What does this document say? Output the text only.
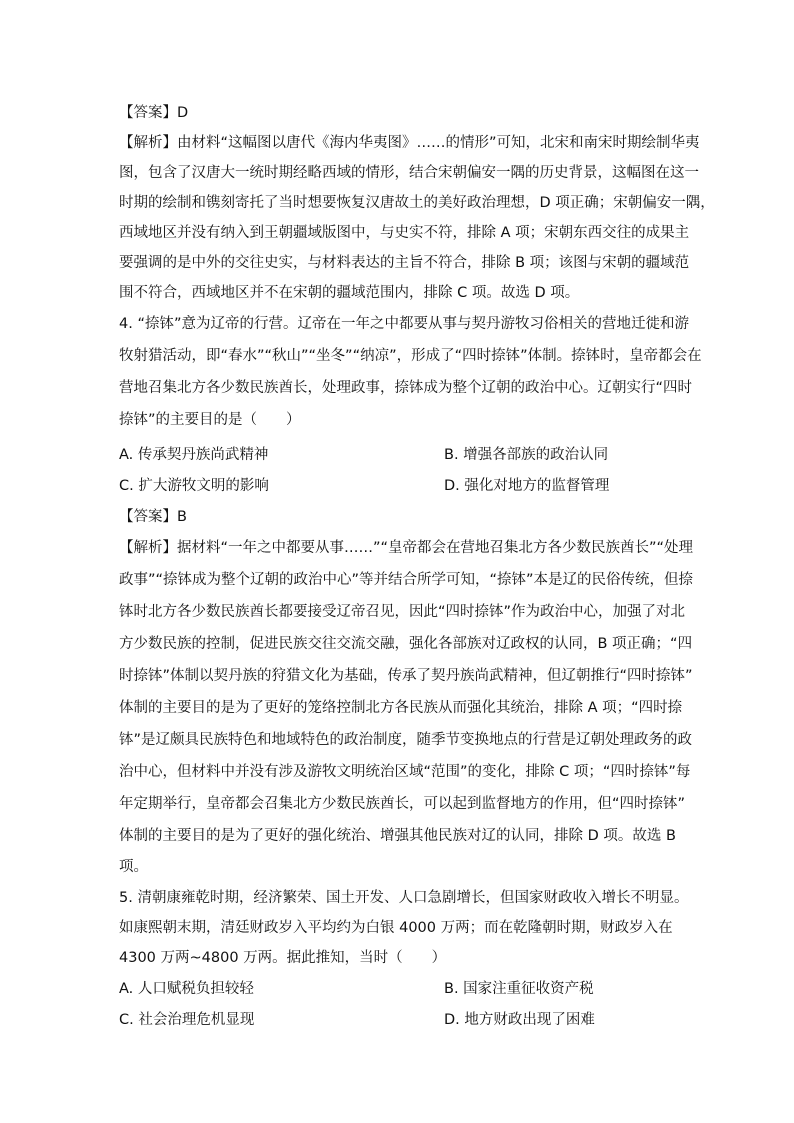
【答案】D
【解析】由材料“这幅图以唐代《海内华夷图》……的情形”可知，北宋和南宋时期绘制华夷
图，包含了汉唐大一统时期经略西域的情形，结合宋朝偏安一隅的历史背景，这幅图在这一
时期的绘制和镌刻寄托了当时想要恢复汉唐故土的美好政治理想，D 项正确；宋朝偏安一隅，
西域地区并没有纳入到王朝疆域版图中，与史实不符，排除 A 项；宋朝东西交往的成果主
要强调的是中外的交往史实，与材料表达的主旨不符合，排除 B 项；该图与宋朝的疆域范
围不符合，西域地区并不在宋朝的疆域范围内，排除 C 项。故选 D 项。
4. “捺钵”意为辽帝的行营。辽帝在一年之中都要从事与契丹游牧习俗相关的营地迁徙和游
牧射猎活动，即“春水”“秋山”“坐冬”“纳凉”，形成了“四时捺钵”体制。捺钵时，皇帝都会在
营地召集北方各少数民族酋长，处理政事，捺钵成为整个辽朝的政治中心。辽朝实行“四时
捺钵”的主要目的是（　　）
A. 传承契丹族尚武精神	B. 增强各部族的政治认同
C. 扩大游牧文明的影响	D. 强化对地方的监督管理
【答案】B
【解析】据材料“一年之中都要从事……”“皇帝都会在营地召集北方各少数民族酋长”“处理
政事”“捺钵成为整个辽朝的政治中心”等并结合所学可知，“捺钵”本是辽的民俗传统，但捺
钵时北方各少数民族酋长都要接受辽帝召见，因此“四时捺钵”作为政治中心，加强了对北
方少数民族的控制，促进民族交往交流交融，强化各部族对辽政权的认同，B 项正确；“四
时捺钵”体制以契丹族的狩猎文化为基础，传承了契丹族尚武精神，但辽朝推行“四时捺钵”
体制的主要目的是为了更好的笼络控制北方各民族从而强化其统治，排除 A 项；“四时捺
钵”是辽颇具民族特色和地域特色的政治制度，随季节变换地点的行营是辽朝处理政务的政
治中心，但材料中并没有涉及游牧文明统治区域“范围”的变化，排除 C 项；“四时捺钵”每
年定期举行，皇帝都会召集北方少数民族酋长，可以起到监督地方的作用，但“四时捺钵”
体制的主要目的是为了更好的强化统治、增强其他民族对辽的认同，排除 D 项。故选 B
项。
5. 清朝康雍乾时期，经济繁荣、国土开发、人口急剧增长，但国家财政收入增长不明显。
如康熙朝末期，清廷财政岁入平均约为白银 4000 万两；而在乾隆朝时期，财政岁入在
4300 万两~4800 万两。据此推知，当时（　　）
A. 人口赋税负担较轻	B. 国家注重征收资产税
C. 社会治理危机显现	D. 地方财政出现了困难
